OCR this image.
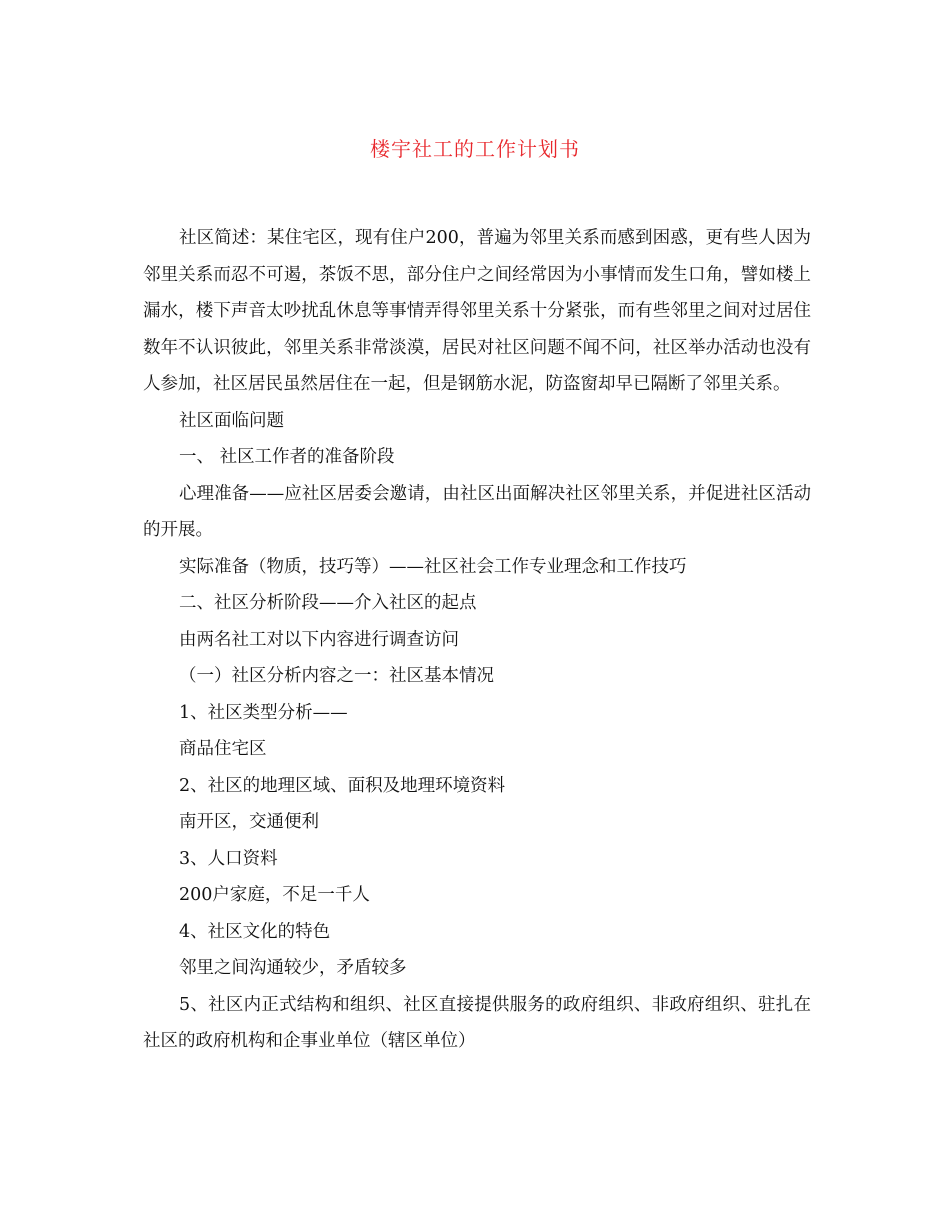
楼宇社工的工作计划书

社区简述：某住宅区，现有住户200，普遍为邻里关系而感到困惑，更有些人因为邻里关系而忍不可遏，茶饭不思，部分住户之间经常因为小事情而发生口角，譬如楼上漏水，楼下声音太吵扰乱休息等事情弄得邻里关系十分紧张，而有些邻里之间对过居住数年不认识彼此，邻里关系非常淡漠，居民对社区问题不闻不问，社区举办活动也没有人参加，社区居民虽然居住在一起，但是钢筋水泥，防盗窗却早已隔断了邻里关系。

社区面临问题

一、 社区工作者的准备阶段

心理准备——应社区居委会邀请，由社区出面解决社区邻里关系，并促进社区活动的开展。

实际准备（物质，技巧等）——社区社会工作专业理念和工作技巧

二、社区分析阶段——介入社区的起点

由两名社工对以下内容进行调查访问

（一）社区分析内容之一：社区基本情况

1、社区类型分析——

商品住宅区

2、社区的地理区域、面积及地理环境资料

南开区，交通便利

3、人口资料

200户家庭，不足一千人

4、社区文化的特色

邻里之间沟通较少，矛盾较多

5、社区内正式结构和组织、社区直接提供服务的政府组织、非政府组织、驻扎在社区的政府机构和企事业单位（辖区单位）
